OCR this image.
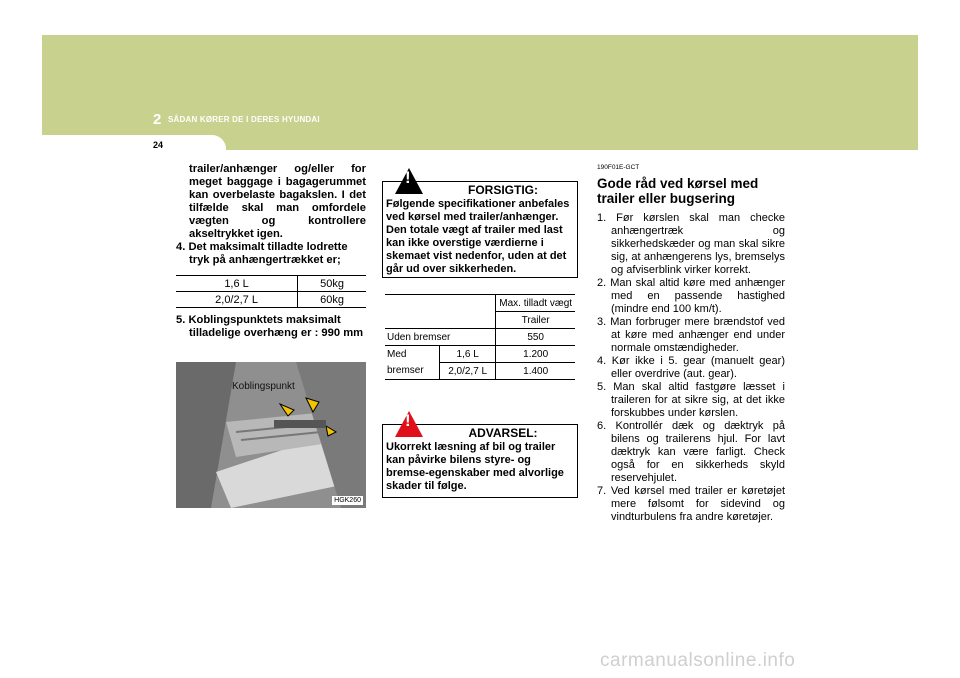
2 SÅDAN KØRER DE I DERES HYUNDAI
24

trailer/anhænger og/eller for meget baggage i bagagerummet kan overbelaste bagakslen. I det tilfælde skal man omfordele vægten og kontrollere akseltrykket igen.

4. Det maksimalt tilladte lodrette tryk på anhængertrækket er;

1,6 L	50kg
2,0/2,7 L	60kg
5. Koblingspunktets maksimalt tilladelige overhæng er : 990 mm
Koblingspunkt
HGK260
!
FORSIGTIG:
Følgende specifikationer anbefales ved kørsel med trailer/anhænger. Den totale vægt af trailer med last kan ikke overstige værdierne i skemaet vist nedenfor, uden at det går ud over sikkerheden.
		Max. tilladt vægt
		Trailer
Uden bremser		550
Med	1,6 L	1.200
bremser	2,0/2,7 L	1.400
!
ADVARSEL:
Ukorrekt læsning af bil og trailer kan påvirke bilens styre- og bremse-egenskaber med alvorlige skader til følge.
190F01E-GCT
Gode råd ved kørsel med trailer eller bugsering

1. Før kørslen skal man checke anhængertræk og sikkerhedskæder og man skal sikre sig, at anhængerens lys, bremselys og afviserblink virker korrekt.

2. Man skal altid køre med anhænger med en passende hastighed (mindre end 100 km/t).

3. Man forbruger mere brændstof ved at køre med anhænger end under normale omstændigheder.

4. Kør ikke i 5. gear (manuelt gear) eller overdrive (aut. gear).

5. Man skal altid fastgøre læsset i traileren for at sikre sig, at det ikke forskubbes under kørslen.

6. Kontrollér dæk og dæktryk på bilens og trailerens hjul. For lavt dæktryk kan være farligt. Check også for en sikkerheds skyld reservehjulet.

7. Ved kørsel med trailer er køretøjet mere følsomt for sidevind og vindturbulens fra andre køretøjer.

carmanualsonline.info
